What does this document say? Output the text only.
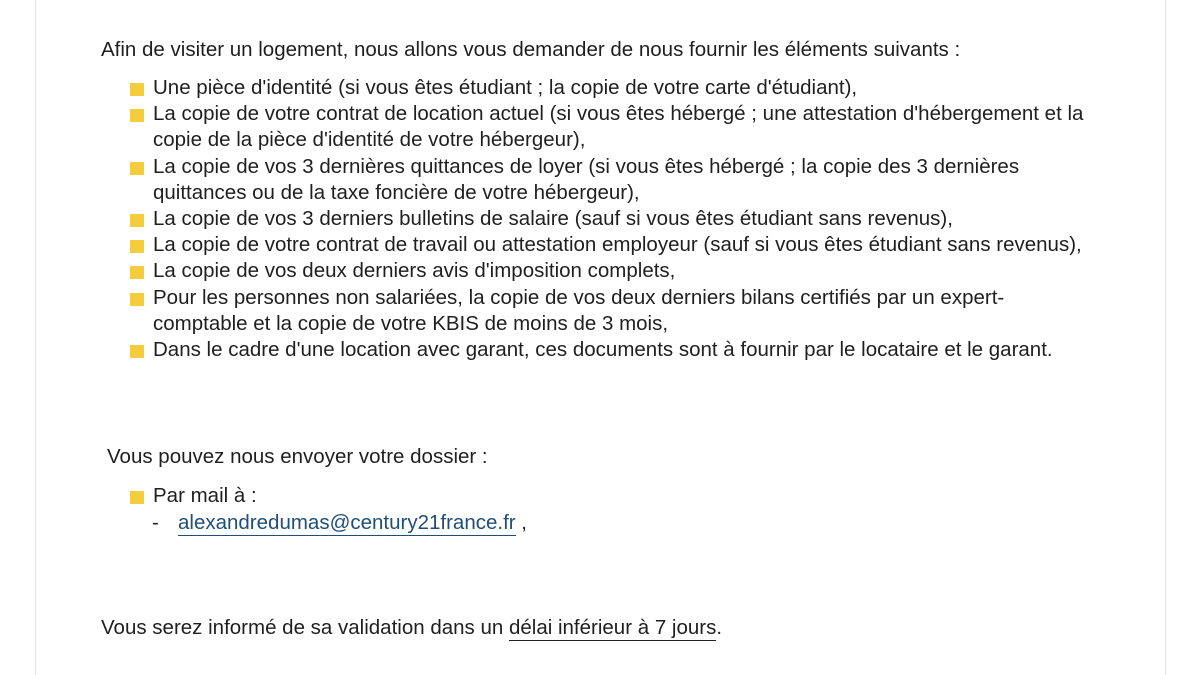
Afin de visiter un logement, nous allons vous demander de nous fournir les éléments suivants :

Une pièce d'identité (si vous êtes étudiant ; la copie de votre carte d'étudiant),
La copie de votre contrat de location actuel (si vous êtes hébergé ; une attestation d'hébergement et la copie de la pièce d'identité de votre hébergeur),
La copie de vos 3 dernières quittances de loyer (si vous êtes hébergé ; la copie des 3 dernières quittances ou de la taxe foncière de votre hébergeur),
La copie de vos 3 derniers bulletins de salaire (sauf si vous êtes étudiant sans revenus),
La copie de votre contrat de travail ou attestation employeur (sauf si vous êtes étudiant sans revenus),
La copie de vos deux derniers avis d'imposition complets,
Pour les personnes non salariées, la copie de vos deux derniers bilans certifiés par un expert-comptable et la copie de votre KBIS de moins de 3 mois,
Dans le cadre d'une location avec garant, ces documents sont à fournir par le locataire et le garant.

Vous pouvez nous envoyer votre dossier :

Par mail à :

- alexandredumas@century21france.fr ,

Vous serez informé de sa validation dans un délai inférieur à 7 jours.
